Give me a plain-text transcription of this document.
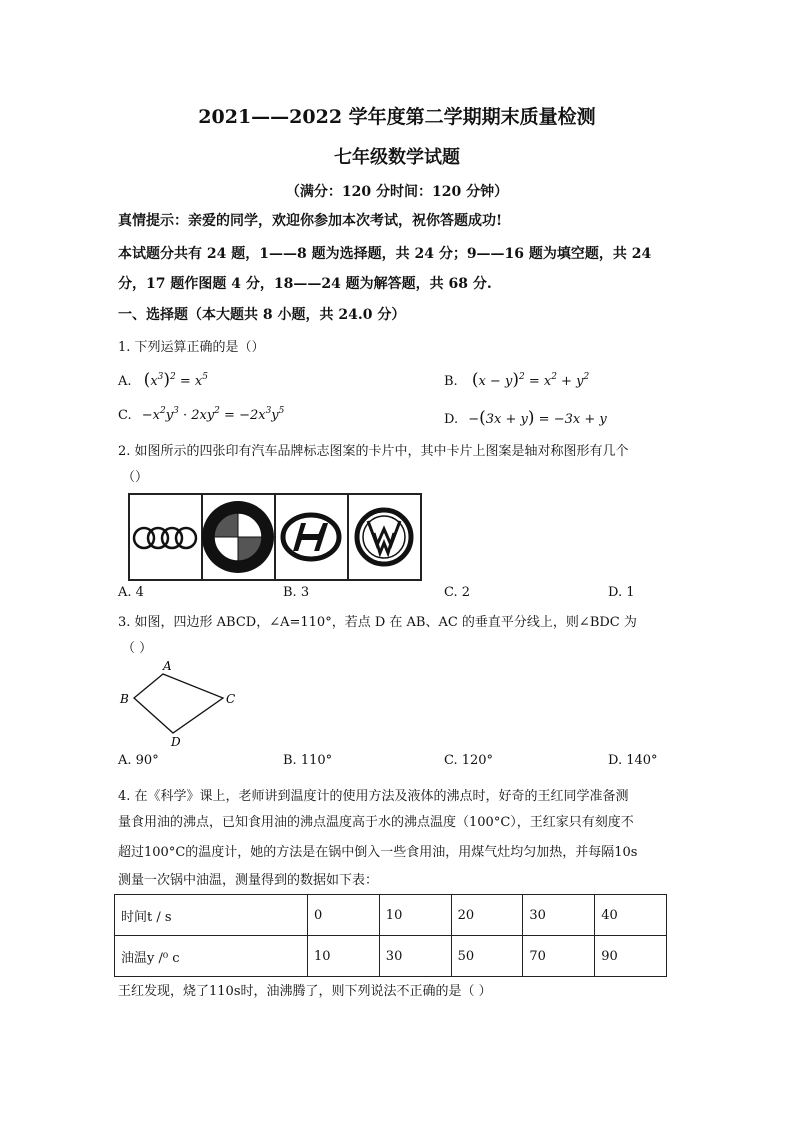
2021——2022 学年度第二学期期末质量检测
七年级数学试题
（满分：120 分时间：120 分钟）
真情提示：亲爱的同学，欢迎你参加本次考试，祝你答题成功!
本试题分共有 24 题，1——8 题为选择题，共 24 分；9——16 题为填空题，共 24
分，17 题作图题 4 分，18——24 题为解答题，共 68 分.
一、选择题（本大题共 8 小题，共 24.0 分）
1. 下列运算正确的是（）
A. $(x^3)^2 = x^5$	B. $(x - y)^2 = x^2 + y^2$
C. $-x^2y^3 \cdot 2xy^2 = -2x^3y^5$
D. −(3x + y) = −3x + y
2. 如图所示的四张印有汽车品牌标志图案的卡片中，其中卡片上图案是轴对称图形有几个
（）
A. 4	B. 3	C. 2	D. 1
3. 如图，四边形 ABCD，∠A=110°，若点 D 在 AB、AC 的垂直平分线上，则∠BDC 为
（ ）
A
B	C
D
A. 90°	B. 110°	C. 120°	D. 140°
4. 在《科学》课上，老师讲到温度计的使用方法及液体的沸点时，好奇的王红同学准备测
量食用油的沸点，已知食用油的沸点温度高于水的沸点温度（100°C），王红家只有刻度不
超过100°C的温度计，她的方法是在锅中倒入一些食用油，用煤气灶均匀加热，并每隔10s
测量一次锅中油温，测量得到的数据如下表：
时间t / s	0	10	20	30	40
油温y /⁰ c	10	30	50	70	90
王红发现，烧了110s时，油沸腾了，则下列说法不正确的是（ ）
